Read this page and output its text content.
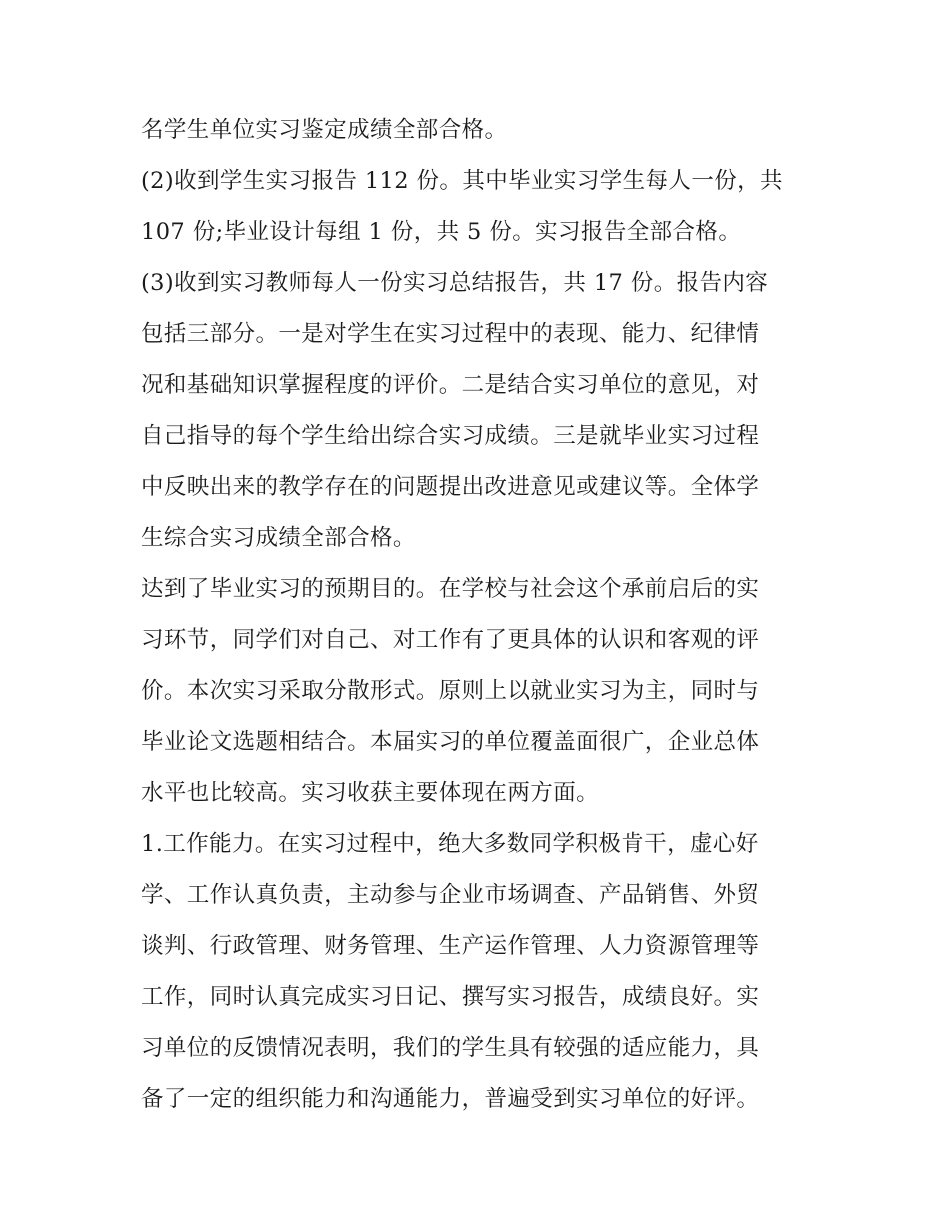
名学生单位实习鉴定成绩全部合格。
(2)收到学生实习报告 112 份。其中毕业实习学生每人一份，共
107 份;毕业设计每组 1 份，共 5 份。实习报告全部合格。
(3)收到实习教师每人一份实习总结报告，共 17 份。报告内容
包括三部分。一是对学生在实习过程中的表现、能力、纪律情
况和基础知识掌握程度的评价。二是结合实习单位的意见，对
自己指导的每个学生给出综合实习成绩。三是就毕业实习过程
中反映出来的教学存在的问题提出改进意见或建议等。全体学
生综合实习成绩全部合格。
达到了毕业实习的预期目的。在学校与社会这个承前启后的实
习环节，同学们对自己、对工作有了更具体的认识和客观的评
价。本次实习采取分散形式。原则上以就业实习为主，同时与
毕业论文选题相结合。本届实习的单位覆盖面很广，企业总体
水平也比较高。实习收获主要体现在两方面。
1.工作能力。在实习过程中，绝大多数同学积极肯干，虚心好
学、工作认真负责，主动参与企业市场调查、产品销售、外贸
谈判、行政管理、财务管理、生产运作管理、人力资源管理等
工作，同时认真完成实习日记、撰写实习报告，成绩良好。实
习单位的反馈情况表明，我们的学生具有较强的适应能力，具
备了一定的组织能力和沟通能力，普遍受到实习单位的好评。
